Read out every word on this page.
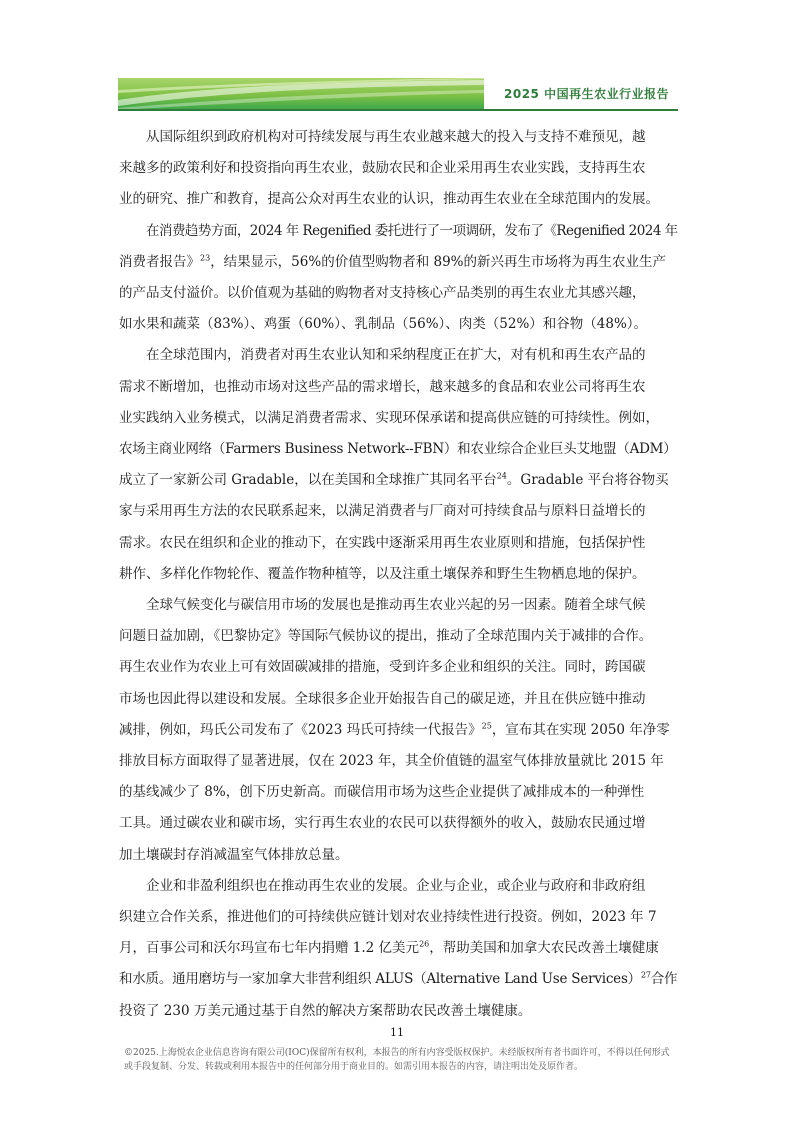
2025 中国再生农业行业报告

从国际组织到政府机构对可持续发展与再生农业越来越大的投入与支持不难预见，越
来越多的政策利好和投资指向再生农业，鼓励农民和企业采用再生农业实践，支持再生农
业的研究、推广和教育，提高公众对再生农业的认识，推动再生农业在全球范围内的发展。

在消费趋势方面，2024 年 Regenified 委托进行了一项调研，发布了《Regenified 2024 年
消费者报告》$^{23}$，结果显示，56%的价值型购物者和 89%的新兴再生市场将为再生农业生产
的产品支付溢价。以价值观为基础的购物者对支持核心产品类别的再生农业尤其感兴趣，
如水果和蔬菜（83%）、鸡蛋（60%）、乳制品（56%）、肉类（52%）和谷物（48%）。

在全球范围内，消费者对再生农业认知和采纳程度正在扩大，对有机和再生农产品的
需求不断增加，也推动市场对这些产品的需求增长，越来越多的食品和农业公司将再生农
业实践纳入业务模式，以满足消费者需求、实现环保承诺和提高供应链的可持续性。例如，
农场主商业网络（Farmers Business Network--FBN）和农业综合企业巨头艾地盟（ADM）
成立了一家新公司 Gradable，以在美国和全球推广其同名平台$^{24}$。Gradable 平台将谷物买
家与采用再生方法的农民联系起来，以满足消费者与厂商对可持续食品与原料日益增长的
需求。农民在组织和企业的推动下，在实践中逐渐采用再生农业原则和措施，包括保护性
耕作、多样化作物轮作、覆盖作物种植等，以及注重土壤保养和野生生物栖息地的保护。

全球气候变化与碳信用市场的发展也是推动再生农业兴起的另一因素。随着全球气候
问题日益加剧，《巴黎协定》等国际气候协议的提出，推动了全球范围内关于减排的合作。
再生农业作为农业上可有效固碳减排的措施，受到许多企业和组织的关注。同时，跨国碳
市场也因此得以建设和发展。全球很多企业开始报告自己的碳足迹，并且在供应链中推动
减排，例如，玛氏公司发布了《2023 玛氏可持续一代报告》$^{25}$，宣布其在实现 2050 年净零
排放目标方面取得了显著进展，仅在 2023 年，其全价值链的温室气体排放量就比 2015 年
的基线减少了 8%，创下历史新高。而碳信用市场为这些企业提供了减排成本的一种弹性
工具。通过碳农业和碳市场，实行再生农业的农民可以获得额外的收入，鼓励农民通过增
加土壤碳封存消减温室气体排放总量。

企业和非盈利组织也在推动再生农业的发展。企业与企业，或企业与政府和非政府组
织建立合作关系，推进他们的可持续供应链计划对农业持续性进行投资。例如，2023 年 7
月，百事公司和沃尔玛宣布七年内捐赠 1.2 亿美元$^{26}$，帮助美国和加拿大农民改善土壤健康
和水质。通用磨坊与一家加拿大非营利组织 ALUS（Alternative Land Use Services）$^{27}$合作
投资了 230 万美元通过基于自然的解决方案帮助农民改善土壤健康。

11
©2025.上海悦农企业信息咨询有限公司(IOC)保留所有权利，本报告的所有内容受版权保护。未经版权所有者书面许可，不得以任何形式或手段复制、分发、转载或利用本报告中的任何部分用于商业目的。如需引用本报告的内容，请注明出处及原作者。
